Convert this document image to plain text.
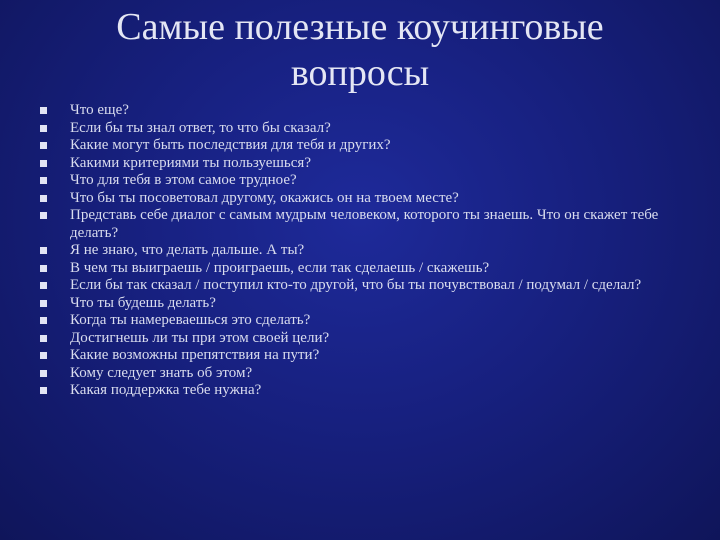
Самые полезные коучинговые
вопросы
Что еще?
Если бы ты знал ответ, то что бы сказал?
Какие могут быть последствия для тебя и других?
Какими критериями ты пользуешься?
Что для тебя в этом самое трудное?
Что бы ты посоветовал другому, окажись он на твоем месте?
Представь себе диалог с самым мудрым человеком, которого ты знаешь. Что он скажет тебе делать?
Я не знаю, что делать дальше. А ты?
В чем ты выиграешь / проиграешь, если так сделаешь / скажешь?
Если бы так сказал / поступил кто-то другой, что бы ты почувствовал / подумал / сделал?
Что ты будешь делать?
Когда ты намереваешься это сделать?
Достигнешь ли ты при этом своей цели?
Какие возможны препятствия на пути?
Кому следует знать об этом?
Какая поддержка тебе нужна?
